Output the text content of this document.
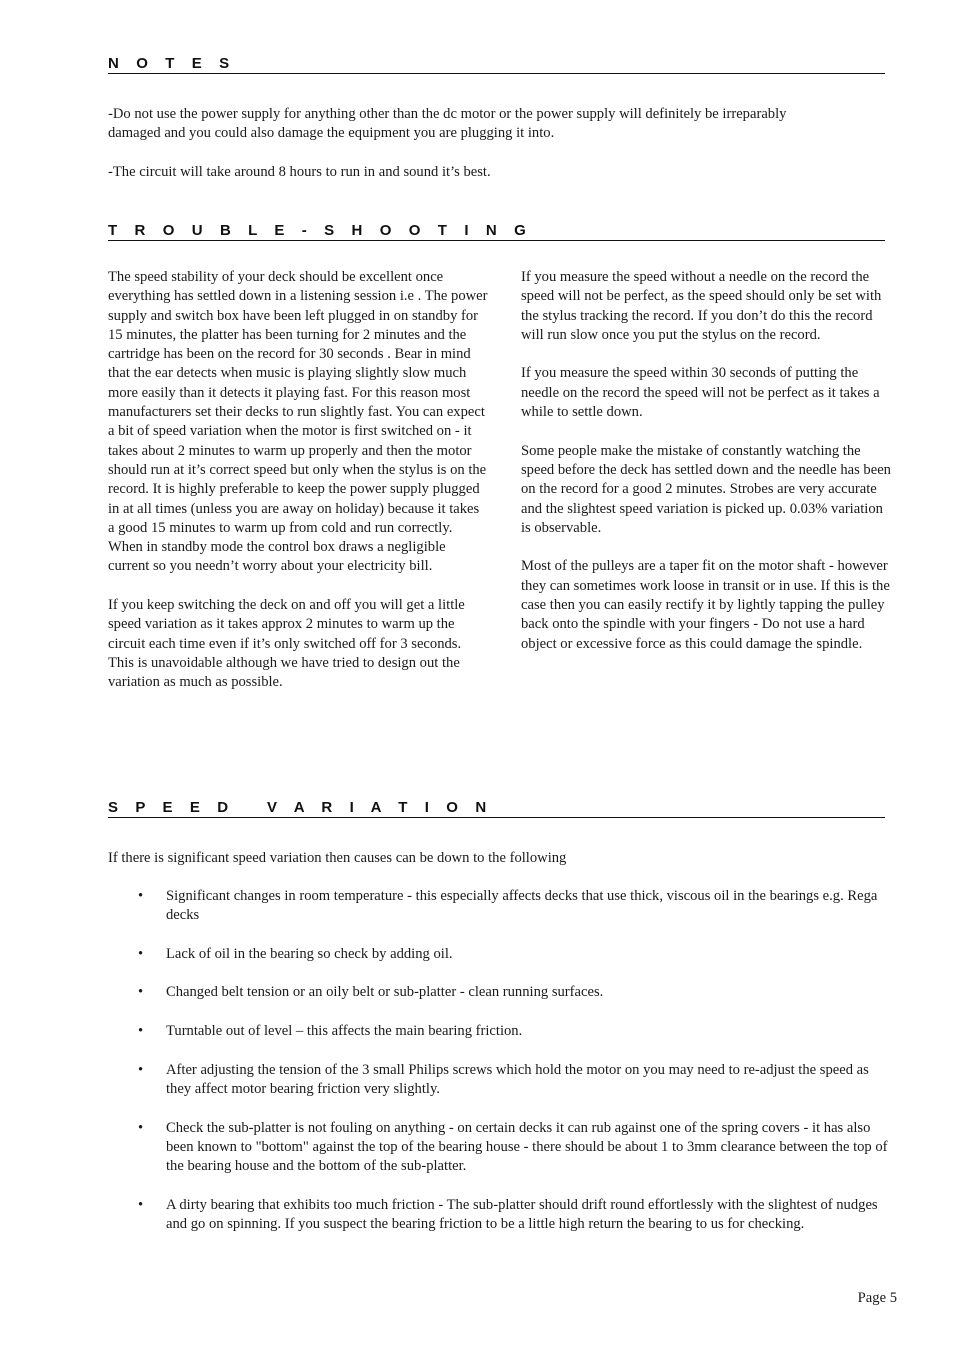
N O T E S

-Do not use the power supply for anything other than the dc motor or the power supply will definitely be irreparably damaged and you could also damage the equipment you are plugging it into.

-The circuit will take around 8 hours to run in and sound it’s best.

T R O U B L E - S H O O T I N G

The speed stability of your deck should be excellent once everything has settled down in a listening session i.e . The power supply and switch box have been left plugged in on standby for 15 minutes, the platter has been turning for 2 minutes and the cartridge has been on the record for 30 seconds . Bear in mind that the ear detects when music is playing slightly slow much more easily than it detects it playing fast. For this reason most manufacturers set their decks to run slightly fast. You can expect a bit of speed variation when the motor is first switched on - it takes about 2 minutes to warm up properly and then the motor should run at it’s correct speed but only when the stylus is on the record. It is highly preferable to keep the power supply plugged in at all times (unless you are away on holiday) because it takes a good 15 minutes to warm up from cold and run correctly. When in standby mode the control box draws a negligible current so you needn’t worry about your electricity bill.

If you keep switching the deck on and off you will get a little speed variation as it takes approx 2 minutes to warm up the circuit each time even if it’s only switched off for 3 seconds. This is unavoidable although we have tried to design out the variation as much as possible.

If you measure the speed without a needle on the record the speed will not be perfect, as the speed should only be set with the stylus tracking the record. If you don’t do this the record will run slow once you put the stylus on the record.

If you measure the speed within 30 seconds of putting the needle on the record the speed will not be perfect as it takes a while to settle down.

Some people make the mistake of constantly watching the speed before the deck has settled down and the needle has been on the record for a good 2 minutes. Strobes are very accurate and the slightest speed variation is picked up. 0.03% variation is observable.

Most of the pulleys are a taper fit on the motor shaft - however they can sometimes work loose in transit or in use. If this is the case then you can easily rectify it by lightly tapping the pulley back onto the spindle with your fingers - Do not use a hard object or excessive force as this could damage the spindle.

S P E E D   V A R I A T I O N

If there is significant speed variation then causes can be down to the following

• Significant changes in room temperature - this especially affects decks that use thick, viscous oil in the bearings e.g. Rega decks
• Lack of oil in the bearing so check by adding oil.
• Changed belt tension or an oily belt or sub-platter - clean running surfaces.
• Turntable out of level – this affects the main bearing friction.
• After adjusting the tension of the 3 small Philips screws which hold the motor on you may need to re-adjust the speed as they affect motor bearing friction very slightly.
• Check the sub-platter is not fouling on anything - on certain decks it can rub against one of the spring covers - it has also been known to "bottom" against the top of the bearing house - there should be about 1 to 3mm clearance between the top of the bearing house and the bottom of the sub-platter.
• A dirty bearing that exhibits too much friction - The sub-platter should drift round effortlessly with the slightest of nudges and go on spinning. If you suspect the bearing friction to be a little high return the bearing to us for checking.
Page 5
